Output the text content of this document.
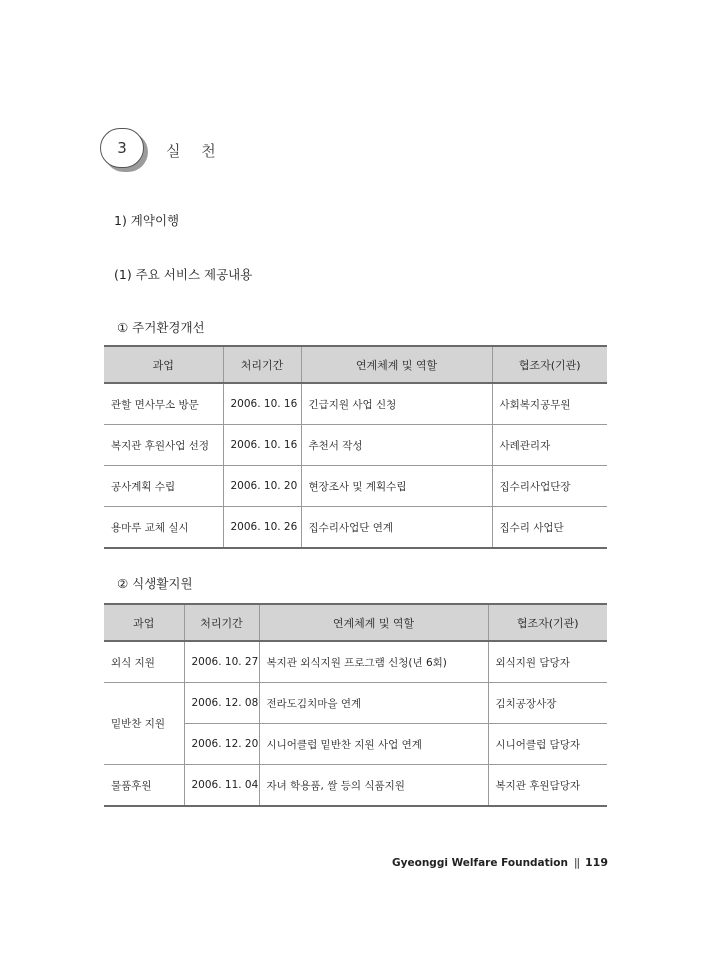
3	실 천
1) 계약이행
(1) 주요 서비스 제공내용
① 주거환경개선
과업	처리기간	연계체계 및 역할	협조자(기관)
관할 면사무소 방문	2006. 10. 16	긴급지원 사업 신청	사회복지공무원
복지관 후원사업 선정	2006. 10. 16	추천서 작성	사례관리자
공사계획 수립	2006. 10. 20	현장조사 및 계획수립	집수리사업단장
용마루 교체 실시	2006. 10. 26	집수리사업단 연계	집수리 사업단
② 식생활지원
과업	처리기간	연계체계 및 역할	협조자(기관)
외식 지원	2006. 10. 27	복지관 외식지원 프로그램 신청(년 6회)	외식지원 담당자
밑반찬 지원	2006. 12. 08	전라도김치마을 연계	김치공장사장
	2006. 12. 20	시니어클럽 밑반찬 지원 사업 연계	시니어클럽 담당자
물품후원	2006. 11. 04	자녀 학용품, 쌀 등의 식품지원	복지관 후원담당자
Gyeonggi Welfare Foundation || 119
